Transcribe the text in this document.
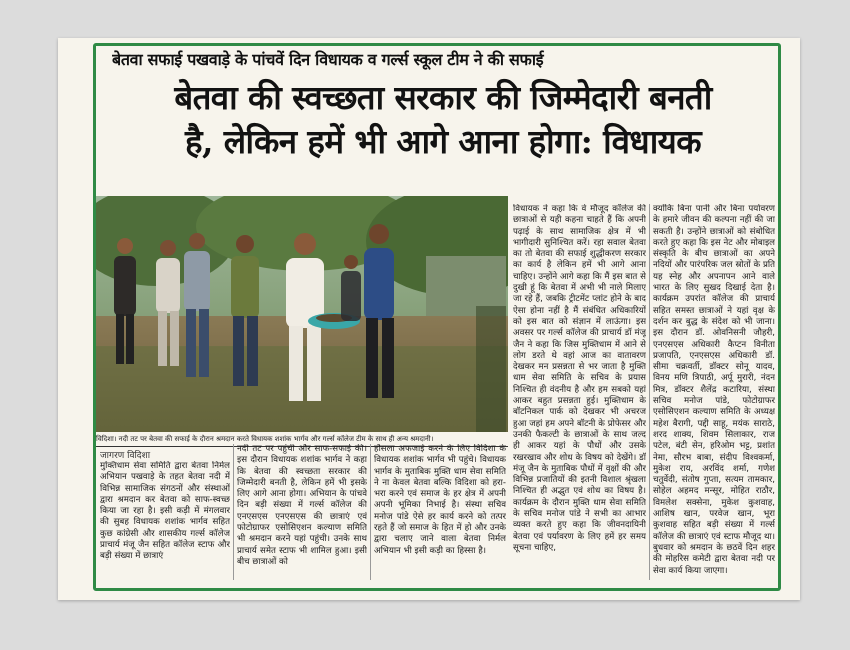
बेतवा सफाई पखवाड़े के पांचवें दिन विधायक व गर्ल्स स्कूल टीम ने की सफाई
बेतवा की स्वच्छता सरकार की जिम्मेदारी बनती
है, लेकिन हमें भी आगे आना होगा: विधायक
विदिशा। नदी तट पर बेतवा की सफाई के दौरान श्रमदान करते विधायक शशांक भार्गव और गर्ल्स कॉलेज टीम के साथ ही अन्य श्रमदानी।
जागरण विदिशा

मुक्तिधाम सेवा समिति द्वारा बेतवा निर्मल अभियान पखवाड़े के तहत बेतवा नदी में विभिन्न सामाजिक संगठनों और संस्थाओं द्वारा श्रमदान कर बेतवा को साफ-स्वच्छ किया जा रहा है। इसी कड़ी में मंगलवार की सुबह विधायक शशांक भार्गव सहित कुछ कांग्रेसी और शासकीय गर्ल्स कॉलेज प्राचार्य मंजू जैन सहित कॉलेज स्टाफ और बड़ी संख्या में छात्राएं

नदी तट पर पहुंची और साफ-सफाई की। इस दौरान विधायक शशांक भार्गव ने कहा कि बेतवा की स्वच्छता सरकार की जिम्मेदारी बनती है, लेकिन हमें भी इसके लिए आगे आना होगा। अभियान के पांचवे दिन बड़ी संख्या में गर्ल्स कॉलेज की एनएसएस एनएसएस की छात्राएं एवं फोटोग्राफर एसोसिएशन कल्याण समिति भी श्रमदान करने यहां पहुंची। उनके साथ प्राचार्य समेत स्टाफ भी शामिल हुआ। इसी बीच छात्राओं को

हौसला अफजाई करने के लिए विदिशा के विधायक शशांक भार्गव भी पहुंचे। विधायक भार्गव के मुताबिक मुक्ति धाम सेवा समिति ने ना केवल बेतवा बल्कि विदिशा को हरा-भरा करने एवं समाज के हर क्षेत्र में अपनी अपनी भूमिका निभाई है। संस्था सचिव मनोज पांडे ऐसे हर कार्य करने को तत्पर रहते हैं जो समाज के हित में हो और उनके द्वारा चलाए जाने वाला बेतवा निर्मल अभियान भी इसी कड़ी का हिस्सा है।

विधायक ने कहा कि वे मौजूद कॉलेज की छात्राओं से यही कहना चाहते हैं कि अपनी पढ़ाई के साथ सामाजिक क्षेत्र में भी भागीदारी सुनिश्चित करें। रहा सवाल बेतवा का तो बेतवा की सफाई शुद्धीकरण सरकार का कार्य है लेकिन हमें भी आगे आना चाहिए। उन्होंने आगे कहा कि मैं इस बात से दुखी हूं कि बेतवा में अभी भी नाले मिलाए जा रहे हैं, जबकि ट्रीटमेंट प्लांट होने के बाद ऐसा होना नहीं है मैं संबंधित अधिकारियों को इस बात को संज्ञान में लाऊंगा। इस अवसर पर गर्ल्स कॉलेज की प्राचार्य डॉ मंजू जैन ने कहा कि जिस मुक्तिधाम में आने से लोग डरते थे वहां आज का वातावरण देखकर मन प्रसन्नता से भर जाता है मुक्ति धाम सेवा समिति के सचिव के प्रयास निश्चित ही वंदनीय है और हम सबको यहां आकर बहुत प्रसन्नता हुई। मुक्तिधाम के बॉटनिकल पार्क को देखकर भी अचरज हुआ जहां हम अपने बॉटनी के प्रोफेसर और उनकी फैकल्टी के छात्राओं के साथ जल्द ही आकर यहां के पौधों और उसके रखरखाव और शोध के विषय को देखेंगे। डॉ मंजू जैन के मुताबिक पौधों में वृक्षों की और विभिन्न प्रजातियों की इतनी विशाल श्रृंखला निश्चित ही अद्भुत एवं शोध का विषय है। कार्यक्रम के दौरान मुक्ति धाम सेवा समिति के सचिव मनोज पांडे ने सभी का आभार व्यक्त करते हुए कहा कि जीवनदायिनी बेतवा एवं पर्यावरण के लिए हमें हर समय सूचना चाहिए,

क्योंकि बिना पानी और बिना पर्यावरण के हमारे जीवन की कल्पना नहीं की जा सकती है। उन्होंने छात्राओं को संबोधित करते हुए कहा कि इस नेट और मोबाइल संस्कृति के बीच छात्राओं का अपने नदियों और पारंपरिक जल स्रोतों के प्रति यह स्नेह और अपनापन आने वाले भारत के लिए सुखद दिखाई देता है। कार्यक्रम उपरांत कॉलेज की प्राचार्य सहित समस्त छात्राओं ने यहां वृक्ष के दर्शन कर बुद्ध के संदेश को भी जाना। इस दौरान डॉ. ओवनिसनी जौहरी, एनएसएस अधिकारी कैप्टन विनीता प्रजापति, एनएसएस अधिकारी डॉ. सीमा चक्रवर्ती, डॉक्टर सोनू यादव, विनय मणि त्रिपाठी, अर्पू मुरारी, नंदन मित्र, डॉक्टर शैलेंद्र कटारिया, संस्था सचिव मनोज पांडे, फोटोग्राफर एसोसिएशन कल्याण समिति के अध्यक्ष महेश बैरागी, पद्दी साहू, मयंक साराठे, शरद शाक्य, शिवम सिलाकार, राज पटेल, बंटी सेन, हरिओम भट्ट, प्रशांत नेमा, सौरभ बाबा, संदीप विश्वकर्मा, मुकेश राय, अरविंद शर्मा, गणेश चतुर्वेदी, संतोष गुप्ता, सत्यम तामकार, सोहेल अहमद मन्सूर, मोहित राठौर, विमलेश सक्सेना, मुकेश कुशवाह, आशिष खान, परवेज खान, भूरा कुशवाह सहित बड़ी संख्या में गर्ल्स कॉलेज की छात्राएं एवं स्टाफ मौजूद था। बुधवार को श्रमदान के छठवें दिन शहर की मोहरिस कमेटी द्वारा बेतवा नदी पर सेवा कार्य किया जाएगा।
